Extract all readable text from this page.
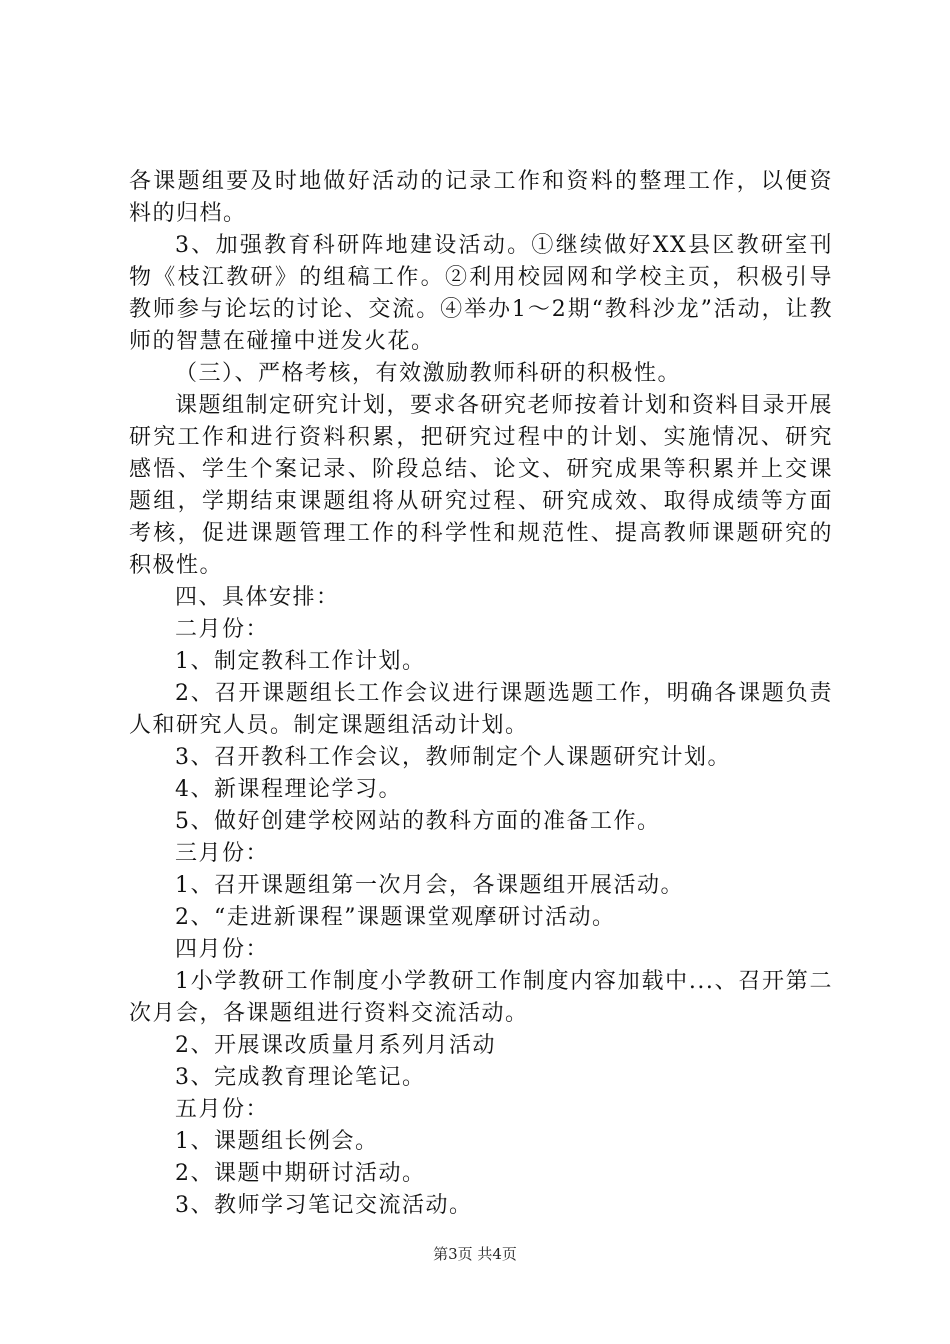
各课题组要及时地做好活动的记录工作和资料的整理工作，以便资料的归档。

3、加强教育科研阵地建设活动。①继续做好XX县区教研室刊物《枝江教研》的组稿工作。②利用校园网和学校主页，积极引导教师参与论坛的讨论、交流。④举办1～2期“教科沙龙”活动，让教师的智慧在碰撞中迸发火花。

（三）、严格考核，有效激励教师科研的积极性。

课题组制定研究计划，要求各研究老师按着计划和资料目录开展研究工作和进行资料积累，把研究过程中的计划、实施情况、研究感悟、学生个案记录、阶段总结、论文、研究成果等积累并上交课题组，学期结束课题组将从研究过程、研究成效、取得成绩等方面考核，促进课题管理工作的科学性和规范性、提高教师课题研究的积极性。

四、具体安排：

二月份：

1、制定教科工作计划。

2、召开课题组长工作会议进行课题选题工作，明确各课题负责人和研究人员。制定课题组活动计划。

3、召开教科工作会议，教师制定个人课题研究计划。

4、新课程理论学习。

5、做好创建学校网站的教科方面的准备工作。

三月份：

1、召开课题组第一次月会，各课题组开展活动。

2、“走进新课程”课题课堂观摩研讨活动。

四月份：

1小学教研工作制度小学教研工作制度内容加载中...、召开第二次月会，各课题组进行资料交流活动。

2、开展课改质量月系列月活动

3、完成教育理论笔记。

五月份：

1、课题组长例会。

2、课题中期研讨活动。

3、教师学习笔记交流活动。

第3页 共4页
